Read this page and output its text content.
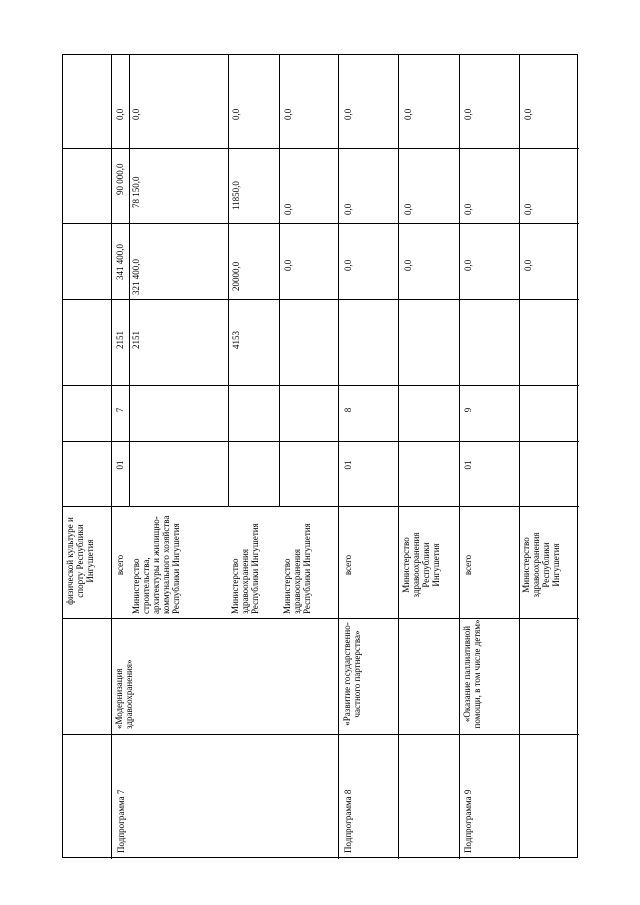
физической культуре и спорту Республики Ингушетия
Подпрограмма 7
«Модернизация здравоохранения»
всего
01
7
2151
341 400,0
90 000,0
0,0
Министерство строительства, архитектуры и жилищно-коммунального хозяйства Республики Ингушетия
2151
321 400,0
78 150,0
0,0
Министерство здравоохранения Республики Ингушетия
4153
20000,0
11850,0
0,0
Министерство здравоохранения Республики Ингушетия
0,0
0,0
0,0
Подпрограмма 8
«Развитие государственно-частного партнерства»
всего
01
8
0,0
0,0
0,0
Министерство здравоохранения Республики Ингушетия
0,0
0,0
0,0
Подпрограмма 9
«Оказание паллиативной помощи, в том числе детям»
всего
01
9
0,0
0,0
0,0
Министерство здравоохранения Республики Ингушетия
0,0
0,0
0,0
